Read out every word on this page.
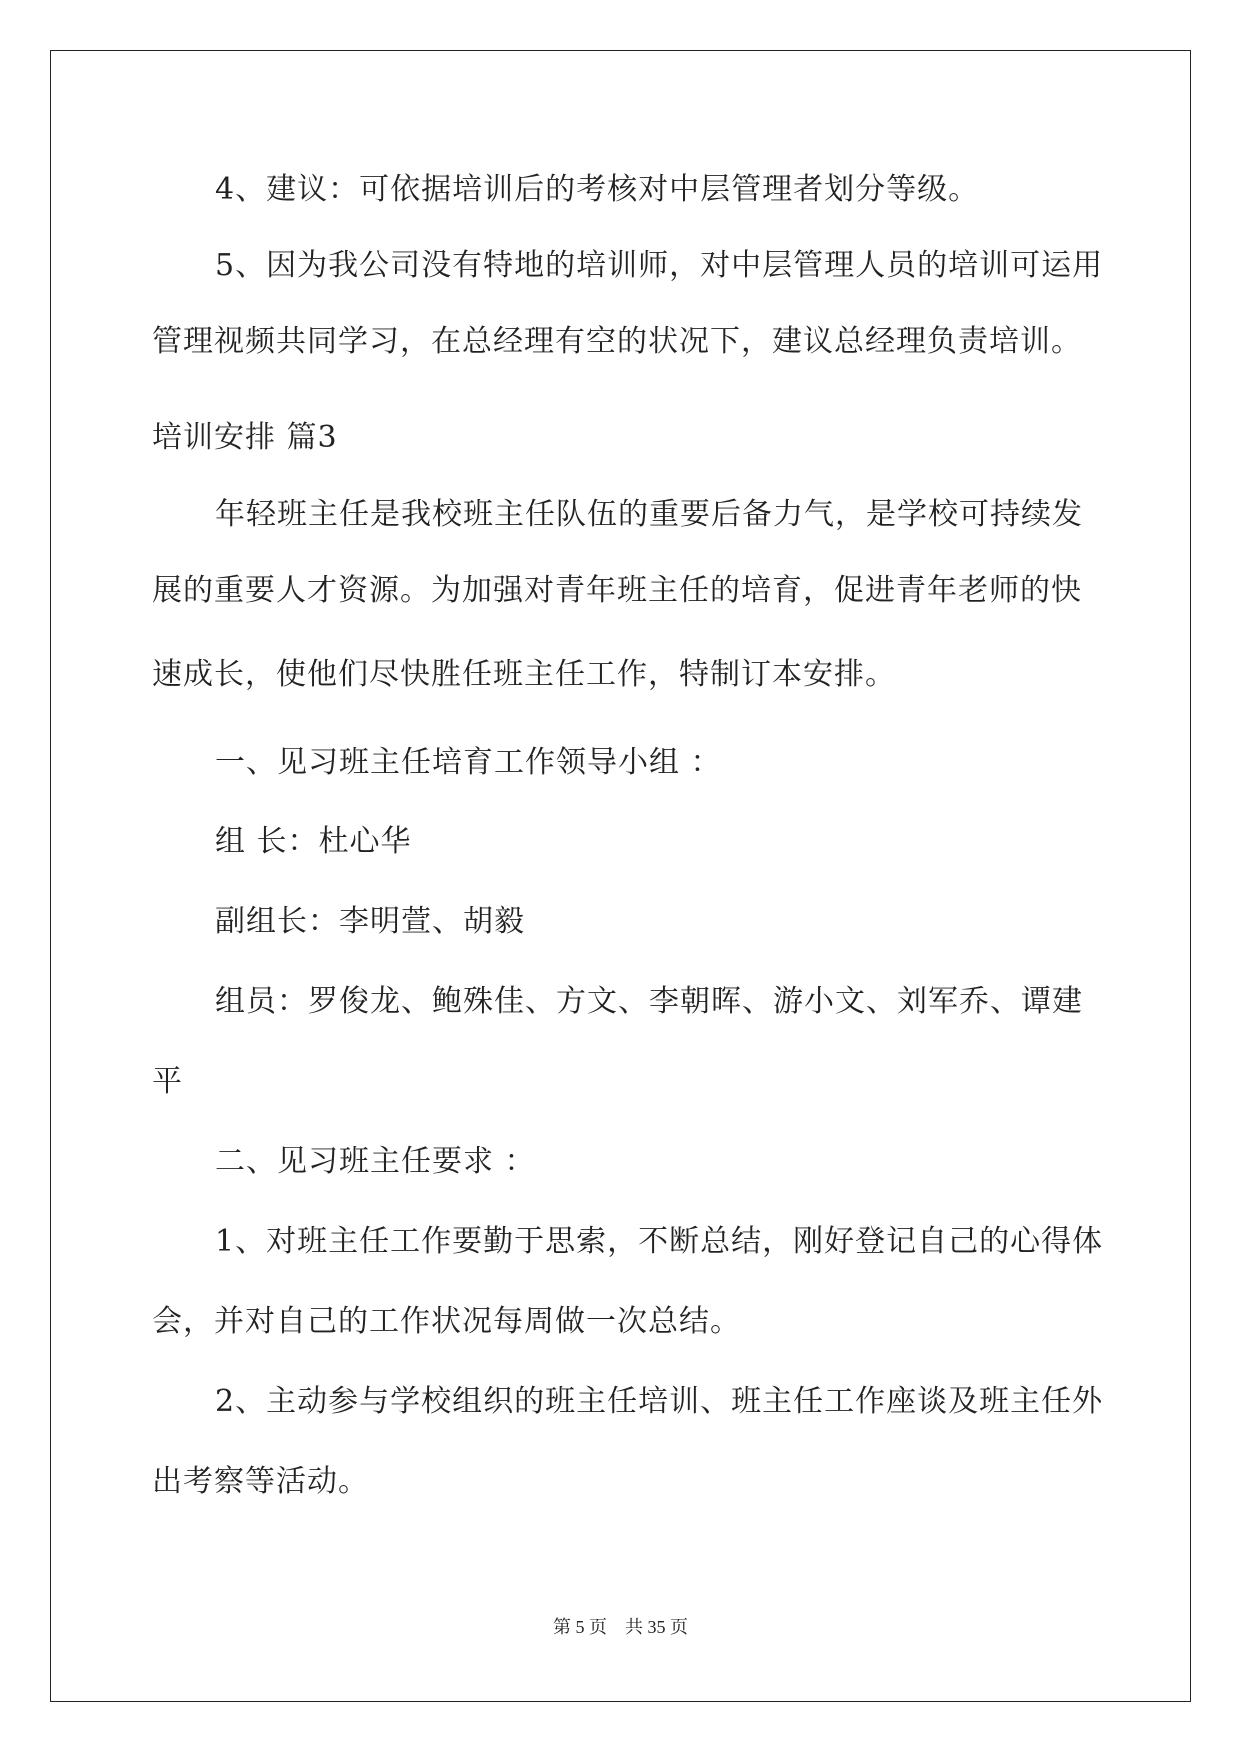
4、建议：可依据培训后的考核对中层管理者划分等级。
5、因为我公司没有特地的培训师，对中层管理人员的培训可运用
管理视频共同学习，在总经理有空的状况下，建议总经理负责培训。
培训安排 篇3
年轻班主任是我校班主任队伍的重要后备力气，是学校可持续发
展的重要人才资源。为加强对青年班主任的培育，促进青年老师的快
速成长，使他们尽快胜任班主任工作，特制订本安排。
一、见习班主任培育工作领导小组 ：
组 长：杜心华
副组长：李明萱、胡毅
组员：罗俊龙、鲍殊佳、方文、李朝晖、游小文、刘军乔、谭建
平
二、见习班主任要求 ：
1、对班主任工作要勤于思索，不断总结，刚好登记自己的心得体
会，并对自己的工作状况每周做一次总结。
2、主动参与学校组织的班主任培训、班主任工作座谈及班主任外
出考察等活动。
第 5 页　共 35 页
